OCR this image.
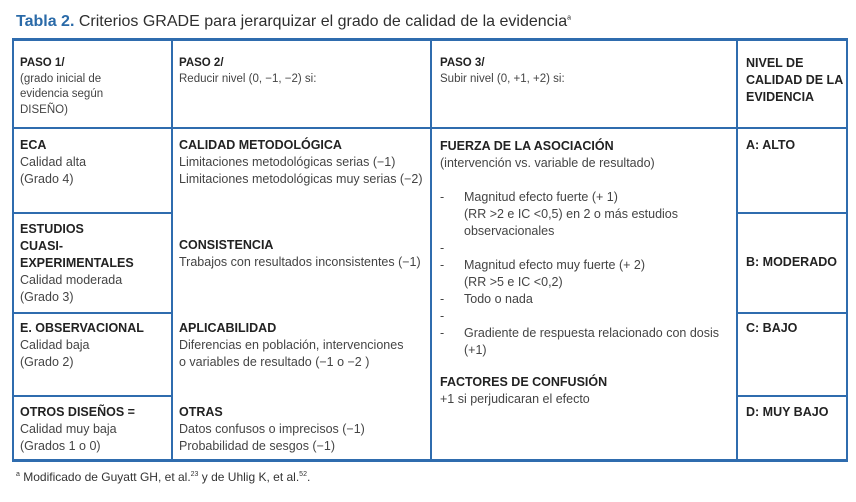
Tabla 2. Criterios GRADE para jerarquizar el grado de calidad de la evidencia$^a$
PASO 1/
(grado inicial de
evidencia según
DISEÑO)
PASO 2/
Reducir nivel (0, −1, −2) si:
PASO 3/
Subir nivel (0, +1, +2) si:
NIVEL DE
CALIDAD DE LA
EVIDENCIA
ECA
Calidad alta
(Grado 4)
ESTUDIOS
CUASI-EXPERIMENTALES
Calidad moderada
(Grado 3)
E. OBSERVACIONAL
Calidad baja
(Grado 2)
OTROS DISEÑOS =
Calidad muy baja
(Grados 1 o 0)
CALIDAD METODOLÓGICA
Limitaciones metodológicas serias (−1)
Limitaciones metodológicas muy serias (−2)
CONSISTENCIA
Trabajos con resultados inconsistentes (−1)
APLICABILIDAD
Diferencias en población, intervenciones
o variables de resultado (−1 o −2 )
OTRAS
Datos confusos o imprecisos (−1)
Probabilidad de sesgos (−1)
FUERZA DE LA ASOCIACIÓN
(intervención vs. variable de resultado)
- Magnitud efecto fuerte (+ 1)
(RR >2 e IC <0,5) en 2 o más estudios
observacionales
-
- Magnitud efecto muy fuerte (+ 2)
(RR >5 e IC <0,2)
- Todo o nada
-
- Gradiente de respuesta relacionado con dosis
(+1)
FACTORES DE CONFUSIÓN
+1 si perjudicaran el efecto
A: ALTO
B: MODERADO
C: BAJO
D: MUY BAJO
$^a$ Modificado de Guyatt GH, et al.$^{23}$ y de Uhlig K, et al.$^{52}$.
